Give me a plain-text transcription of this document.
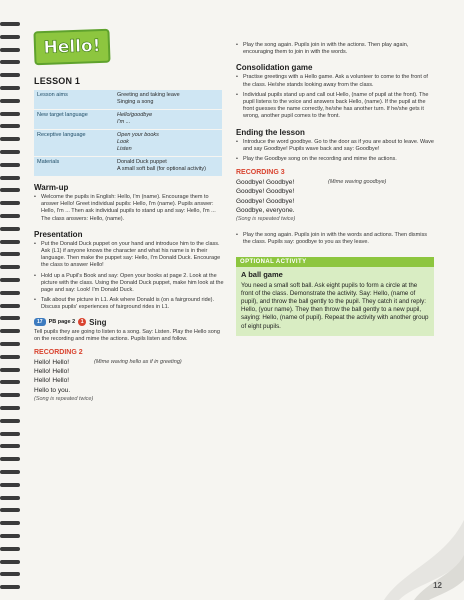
Hello!
LESSON 1
Lesson aims	Greeting and taking leave
Singing a song
New target language	Hello/goodbye
I'm ...
Receptive language	Open your books
Look
Listen
Materials	Donald Duck puppet
A small soft ball (for optional activity)
Warm-up
• Welcome the pupils in English: Hello, I'm (name). Encourage them to answer Hello! Greet individual pupils: Hello, I'm (name). Pupils answer: Hello, I'm ... Then ask individual pupils to stand up and say: Hello, I'm ... The class answers: Hello, (name).
Presentation
• Put the Donald Duck puppet on your hand and introduce him to the class. Ask (L1) if anyone knows the character and what his name is in their language. Then make the puppet say: Hello, I'm Donald Duck. Encourage the class to answer Hello!
• Hold up a Pupil's Book and say: Open your books at page 2. Look at the picture with the class. Using the Donald Duck puppet, make him look at the page and say: Look! I'm Donald Duck.
• Talk about the picture in L1. Ask where Donald is (on a fairground ride). Discuss pupils' experiences of fairground rides in L1.
17	PB page 2 1 Sing

Tell pupils they are going to listen to a song. Say: Listen. Play the Hello song on the recording and mime the actions. Pupils listen and follow.

RECORDING 2
Hello! Hello!
Hello! Hello!
Hello! Hello!
Hello to you.
(Song is repeated twice)
(Mime waving hello as if in greeting)
• Play the song again. Pupils join in with the actions. Then play again, encouraging them to join in with the words.
Consolidation game
• Practise greetings with a Hello game. Ask a volunteer to come to the front of the class. He/she stands looking away from the class.
• Individual pupils stand up and call out Hello, (name of pupil at the front). The pupil listens to the voice and answers back Hello, (name). If the pupil at the front guesses the name correctly, he/she has another turn. If he/she gets it wrong, another pupil comes to the front.
Ending the lesson
• Introduce the word goodbye. Go to the door as if you are about to leave. Wave and say Goodbye! Pupils wave back and say: Goodbye!
• Play the Goodbye song on the recording and mime the actions.
RECORDING 3
Goodbye! Goodbye!
Goodbye! Goodbye!
Goodbye! Goodbye!
Goodbye, everyone.
(Song is repeated twice)
(Mime waving goodbye)
• Play the song again. Pupils join in with the words and actions. Then dismiss the class. Pupils say: goodbye to you as they leave.
OPTIONAL ACTIVITY
A ball game

You need a small soft ball. Ask eight pupils to form a circle at the front of the class. Demonstrate the activity. Say: Hello, (name of pupil), and throw the ball gently to the pupil. They catch it and reply: Hello, (your name). They then throw the ball gently to a new pupil, saying: Hello, (name of pupil). Repeat the activity with another group of eight pupils.

12
